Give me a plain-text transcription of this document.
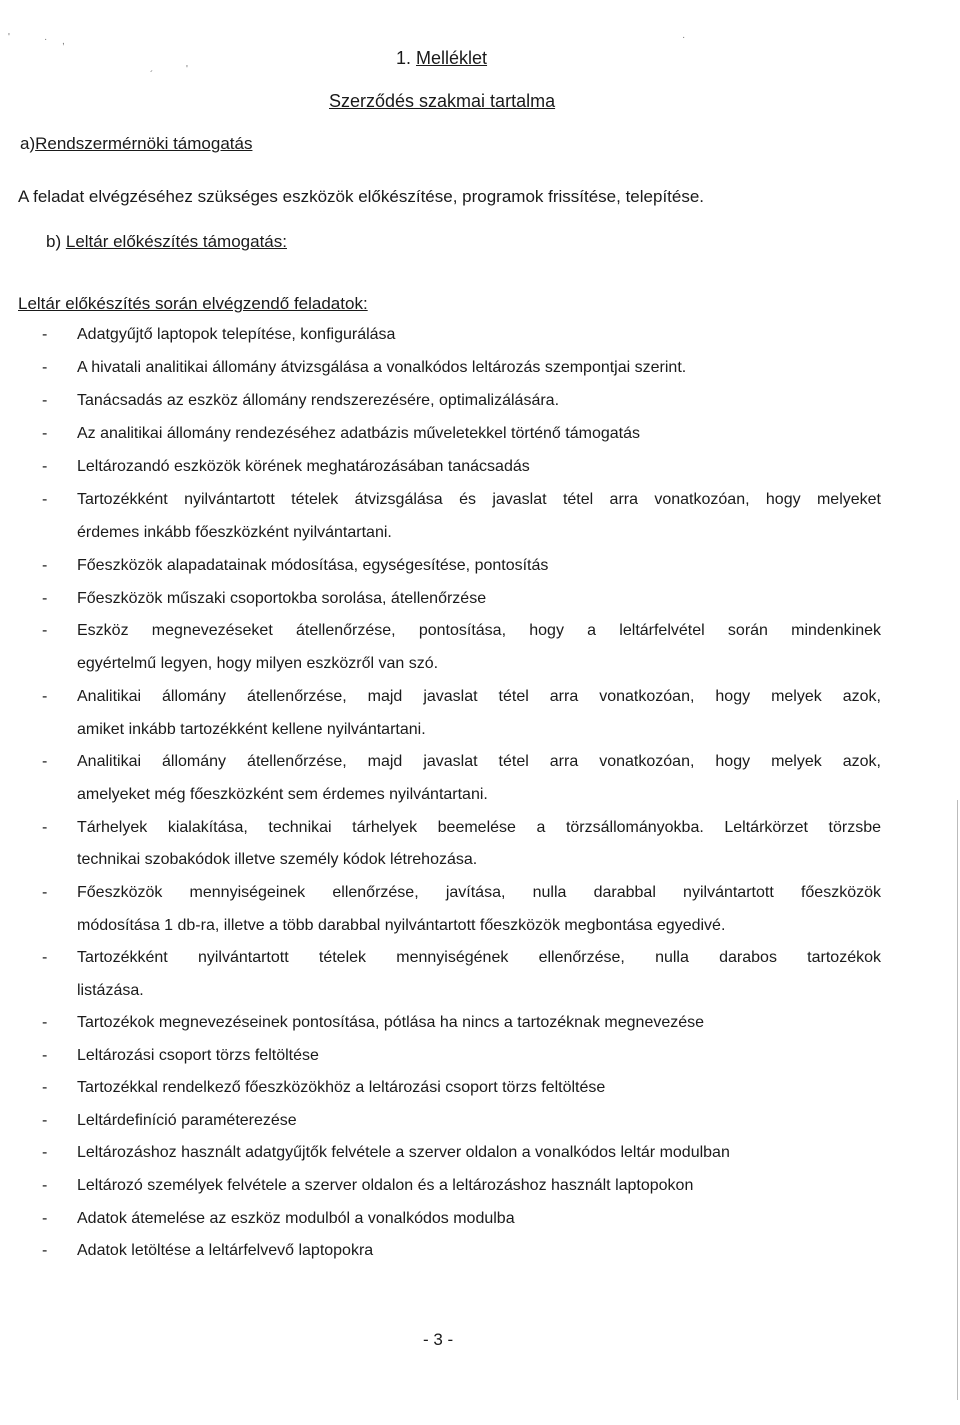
'	· ,
´
'
·
1. Melléklet
Szerződés szakmai tartalma
a)Rendszermérnöki támogatás
A feladat elvégzéséhez szükséges eszközök előkészítése, programok frissítése, telepítése.
b) Leltár előkészítés támogatás:
Leltár előkészítés során elvégzendő feladatok:
- Adatgyűjtő laptopok telepítése, konfigurálása
- A hivatali analitikai állomány átvizsgálása a vonalkódos leltározás szempontjai szerint.
- Tanácsadás az eszköz állomány rendszerezésére, optimalizálására.
- Az analitikai állomány rendezéséhez adatbázis műveletekkel történő támogatás
- Leltározandó eszközök körének meghatározásában tanácsadás
- Tartozékként nyilvántartott tételek átvizsgálása és javaslat tétel arra vonatkozóan, hogy melyeket
érdemes inkább főeszközként nyilvántartani.
- Főeszközök alapadatainak módosítása, egységesítése, pontosítás
- Főeszközök műszaki csoportokba sorolása, átellenőrzése
- Eszköz megnevezéseket átellenőrzése, pontosítása, hogy a leltárfelvétel során mindenkinek
egyértelmű legyen, hogy milyen eszközről van szó.
- Analitikai állomány átellenőrzése, majd javaslat tétel arra vonatkozóan, hogy melyek azok,
amiket inkább tartozékként kellene nyilvántartani.
- Analitikai állomány átellenőrzése, majd javaslat tétel arra vonatkozóan, hogy melyek azok,
amelyeket még főeszközként sem érdemes nyilvántartani.
- Tárhelyek kialakítása, technikai tárhelyek beemelése a törzsállományokba. Leltárkörzet törzsbe
technikai szobakódok illetve személy kódok létrehozása.
- Főeszközök mennyiségeinek ellenőrzése, javítása, nulla darabbal nyilvántartott főeszközök
módosítása 1 db-ra, illetve a több darabbal nyilvántartott főeszközök megbontása egyedivé.
- Tartozékként nyilvántartott tételek mennyiségének ellenőrzése, nulla darabos tartozékok
listázása.
- Tartozékok megnevezéseinek pontosítása, pótlása ha nincs a tartozéknak megnevezése
- Leltározási csoport törzs feltöltése
- Tartozékkal rendelkező főeszközökhöz a leltározási csoport törzs feltöltése
- Leltárdefiníció paraméterezése
- Leltározáshoz használt adatgyűjtők felvétele a szerver oldalon a vonalkódos leltár modulban
- Leltározó személyek felvétele a szerver oldalon és a leltározáshoz használt laptopokon
- Adatok átemelése az eszköz modulból a vonalkódos modulba
- Adatok letöltése a leltárfelvevő laptopokra
- 3 -
